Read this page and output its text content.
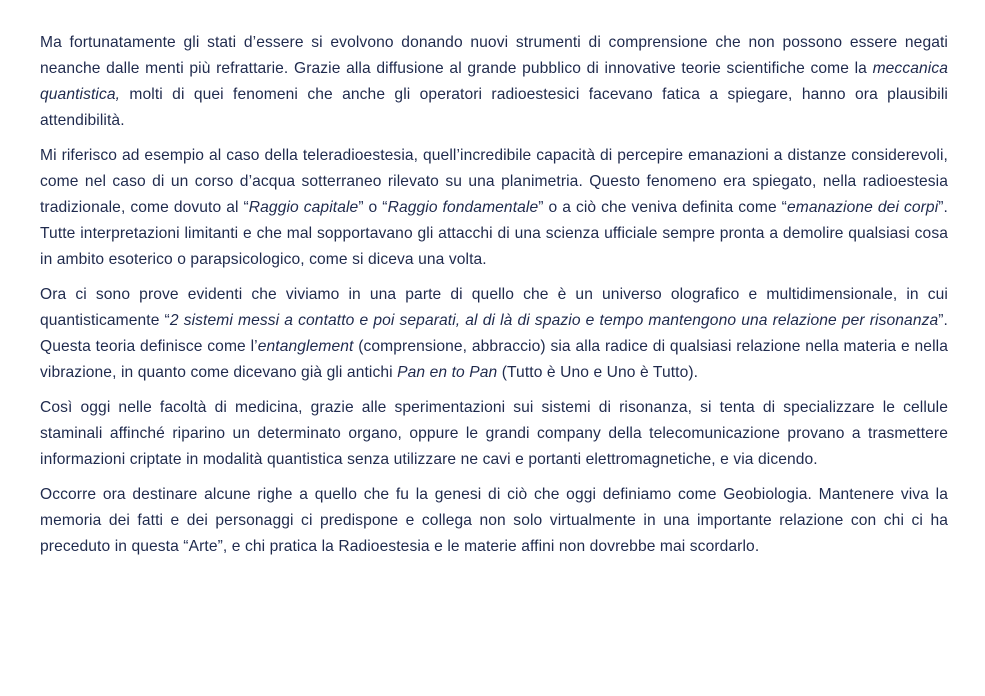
Ma fortunatamente gli stati d’essere si evolvono donando nuovi strumenti di comprensione che non possono essere negati neanche dalle menti più refrattarie. Grazie alla diffusione al grande pubblico di innovative teorie scientifiche come la meccanica quantistica, molti di quei fenomeni che anche gli operatori radioestesici facevano fatica a spiegare, hanno ora plausibili attendibilità.

Mi riferisco ad esempio al caso della teleradioestesia, quell’incredibile capacità di percepire emanazioni a distanze considerevoli, come nel caso di un corso d’acqua sotterraneo rilevato su una planimetria. Questo fenomeno era spiegato, nella radioestesia tradizionale, come dovuto al “Raggio capitale” o “Raggio fondamentale” o a ciò che veniva definita come “emanazione dei corpi”. Tutte interpretazioni limitanti e che mal sopportavano gli attacchi di una scienza ufficiale sempre pronta a demolire qualsiasi cosa in ambito esoterico o parapsicologico, come si diceva una volta.

Ora ci sono prove evidenti che viviamo in una parte di quello che è un universo olografico e multidimensionale, in cui quantisticamente “2 sistemi messi a contatto e poi separati, al di là di spazio e tempo mantengono una relazione per risonanza”. Questa teoria definisce come l’entanglement (comprensione, abbraccio) sia alla radice di qualsiasi relazione nella materia e nella vibrazione, in quanto come dicevano già gli antichi Pan en to Pan (Tutto è Uno e Uno è Tutto).

Così oggi nelle facoltà di medicina, grazie alle sperimentazioni sui sistemi di risonanza, si tenta di specializzare le cellule staminali affinché riparino un determinato organo, oppure le grandi company della telecomunicazione provano a trasmettere informazioni criptate in modalità quantistica senza utilizzare ne cavi e portanti elettromagnetiche, e via dicendo.

Occorre ora destinare alcune righe a quello che fu la genesi di ciò che oggi definiamo come Geobiologia. Mantenere viva la memoria dei fatti e dei personaggi ci predispone e collega non solo virtualmente in una importante relazione con chi ci ha preceduto in questa “Arte”, e chi pratica la Radioestesia e le materie affini non dovrebbe mai scordarlo.
